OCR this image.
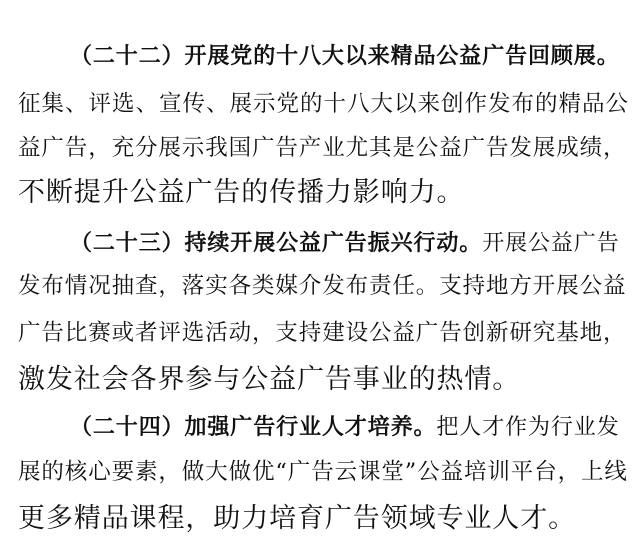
（二十二）开展党的十八大以来精品公益广告回顾展。
征集、评选、宣传、展示党的十八大以来创作发布的精品公
益广告，充分展示我国广告产业尤其是公益广告发展成绩，
不断提升公益广告的传播力影响力。
（二十三）持续开展公益广告振兴行动。开展公益广告
发布情况抽查，落实各类媒介发布责任。支持地方开展公益
广告比赛或者评选活动，支持建设公益广告创新研究基地，
激发社会各界参与公益广告事业的热情。
（二十四）加强广告行业人才培养。把人才作为行业发
展的核心要素，做大做优“广告云课堂”公益培训平台，上线
更多精品课程，助力培育广告领域专业人才。
